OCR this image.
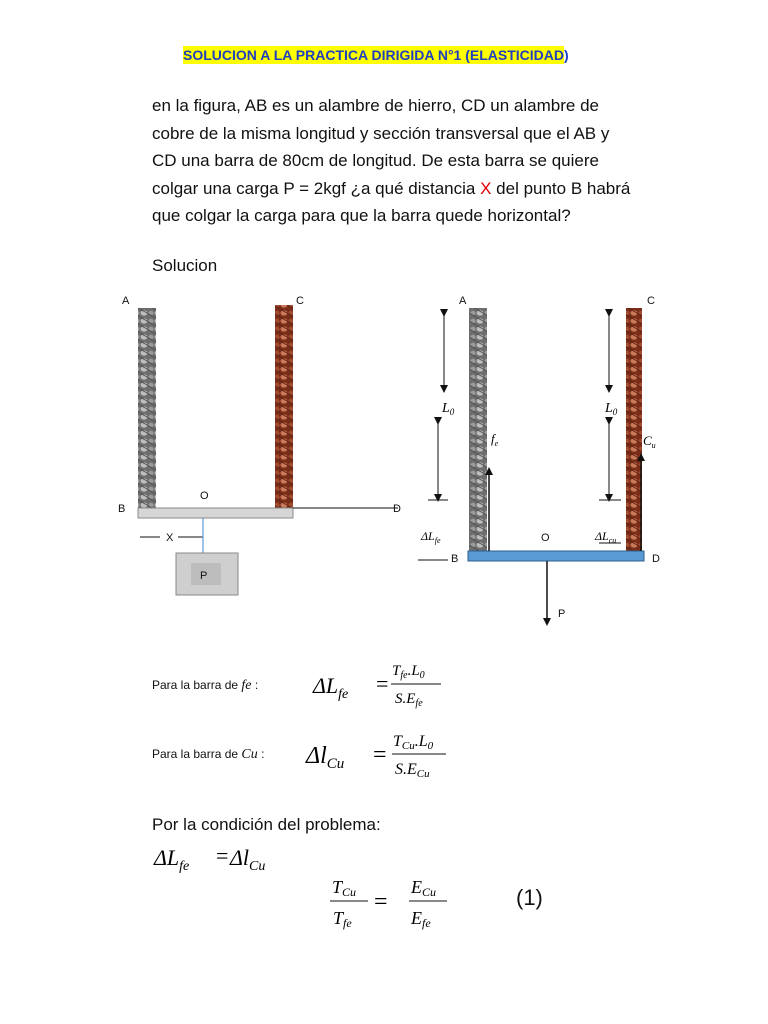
SOLUCION A LA PRACTICA DIRIGIDA N°1 (ELASTICIDAD)
en la figura, AB es un alambre de hierro, CD un alambre de
cobre de la misma longitud y sección transversal que el AB y
CD una barra de 80cm de longitud. De esta barra se quiere
colgar una carga P = 2kgf ¿a qué distancia X del punto B habrá
que colgar la carga para que la barra quede horizontal?
Solucion
A	C
B
O
D
X
P
A	C
$L_0$	$L_0$
$\Delta L_{fe}$	$\Delta L_{cu}$
$f_e$	$C_u$
P
B
O
D
Para la barra de fe : $\Delta L_{fe} = T_{fe}.L_0$
$S.E_{fe}$
Para la barra de Cu : $\Delta l_{Cu}$ =
TCu.L0
S.ECu
Por la condición del problema:
$\Delta L_{fe} = \Delta l_{Cu}$
TCu
Tfe
=
ECu
Efe
(1)
